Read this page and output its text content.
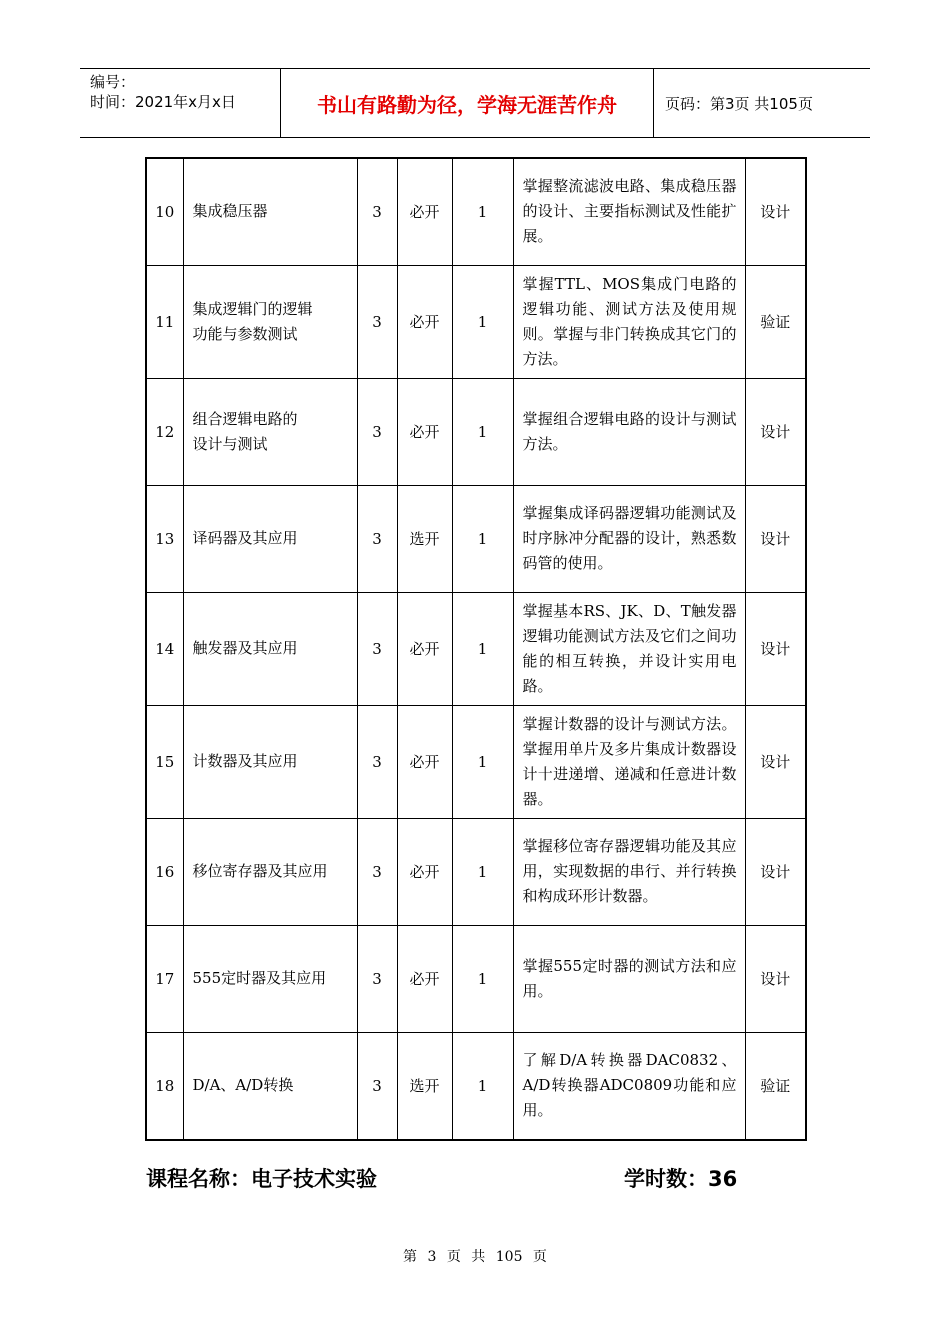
编号：
时间：2021年x月x日	书山有路勤为径，学海无涯苦作舟	页码：第3页 共105页
10	集成稳压器	3	必开	1	掌握整流滤波电路、集成稳压器的设计、主要指标测试及性能扩展。	设计
11	集成逻辑门的逻辑功能与参数测试	3	必开	1	掌握TTL、MOS集成门电路的逻辑功能、测试方法及使用规则。掌握与非门转换成其它门的方法。	验证
12	组合逻辑电路的设计与测试	3	必开	1	掌握组合逻辑电路的设计与测试方法。	设计
13	译码器及其应用	3	选开	1	掌握集成译码器逻辑功能测试及时序脉冲分配器的设计，熟悉数码管的使用。	设计
14	触发器及其应用	3	必开	1	掌握基本RS、JK、D、T触发器逻辑功能测试方法及它们之间功能的相互转换，并设计实用电路。	设计
15	计数器及其应用	3	必开	1	掌握计数器的设计与测试方法。掌握用单片及多片集成计数器设计十进递增、递减和任意进计数器。	设计
16	移位寄存器及其应用	3	必开	1	掌握移位寄存器逻辑功能及其应用，实现数据的串行、并行转换和构成环形计数器。	设计
17	555定时器及其应用	3	必开	1	掌握555定时器的测试方法和应用。	设计
18	D/A、A/D转换	3	选开	1	了解D/A转换器DAC0832、A/D转换器ADC0809功能和应用。	验证
课程名称：电子技术实验	学时数：36
第 3 页 共 105 页
